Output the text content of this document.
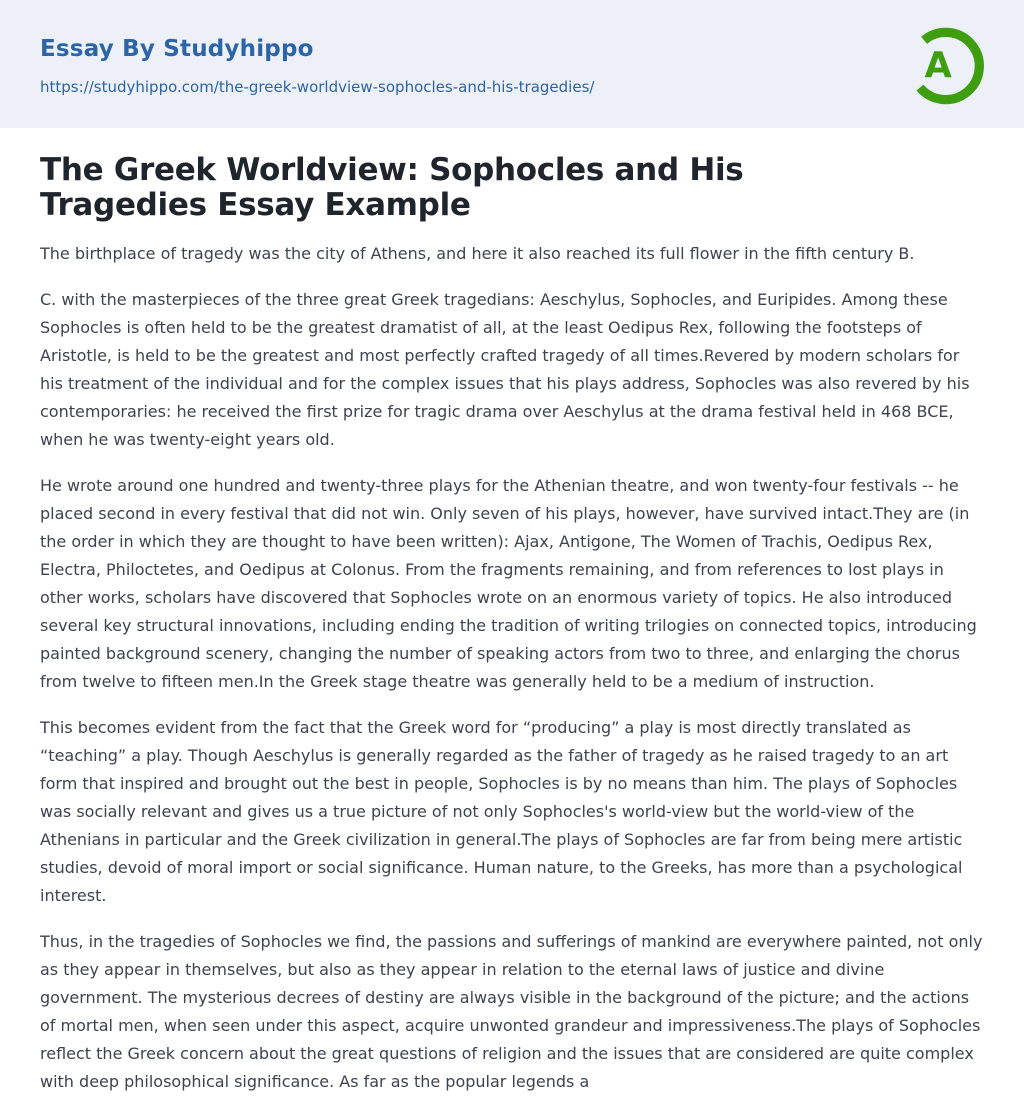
Essay By Studyhippo
https://studyhippo.com/the-greek-worldview-sophocles-and-his-tragedies/
A
The Greek Worldview: Sophocles and His Tragedies Essay Example

The birthplace of tragedy was the city of Athens, and here it also reached its full flower in the fifth century B.

C. with the masterpieces of the three great Greek tragedians: Aeschylus, Sophocles, and Euripides. Among these Sophocles is often held to be the greatest dramatist of all, at the least Oedipus Rex, following the footsteps of Aristotle, is held to be the greatest and most perfectly crafted tragedy of all times.Revered by modern scholars for his treatment of the individual and for the complex issues that his plays address, Sophocles was also revered by his contemporaries: he received the first prize for tragic drama over Aeschylus at the drama festival held in 468 BCE, when he was twenty-eight years old.

He wrote around one hundred and twenty-three plays for the Athenian theatre, and won twenty-four festivals -- he placed second in every festival that did not win. Only seven of his plays, however, have survived intact.They are (in the order in which they are thought to have been written): Ajax, Antigone, The Women of Trachis, Oedipus Rex, Electra, Philoctetes, and Oedipus at Colonus. From the fragments remaining, and from references to lost plays in other works, scholars have discovered that Sophocles wrote on an enormous variety of topics. He also introduced several key structural innovations, including ending the tradition of writing trilogies on connected topics, introducing painted background scenery, changing the number of speaking actors from two to three, and enlarging the chorus from twelve to fifteen men.In the Greek stage theatre was generally held to be a medium of instruction.

This becomes evident from the fact that the Greek word for “producing” a play is most directly translated as “teaching” a play. Though Aeschylus is generally regarded as the father of tragedy as he raised tragedy to an art form that inspired and brought out the best in people, Sophocles is by no means than him. The plays of Sophocles was socially relevant and gives us a true picture of not only Sophocles's world-view but the world-view of the Athenians in particular and the Greek civilization in general.The plays of Sophocles are far from being mere artistic studies, devoid of moral import or social significance. Human nature, to the Greeks, has more than a psychological interest.

Thus, in the tragedies of Sophocles we find, the passions and sufferings of mankind are everywhere painted, not only as they appear in themselves, but also as they appear in relation to the eternal laws of justice and divine government. The mysterious decrees of destiny are always visible in the background of the picture; and the actions of mortal men, when seen under this aspect, acquire unwonted grandeur and impressiveness.The plays of Sophocles reflect the Greek concern about the great questions of religion and the issues that are considered are quite complex with deep philosophical significance. As far as the popular legends a
